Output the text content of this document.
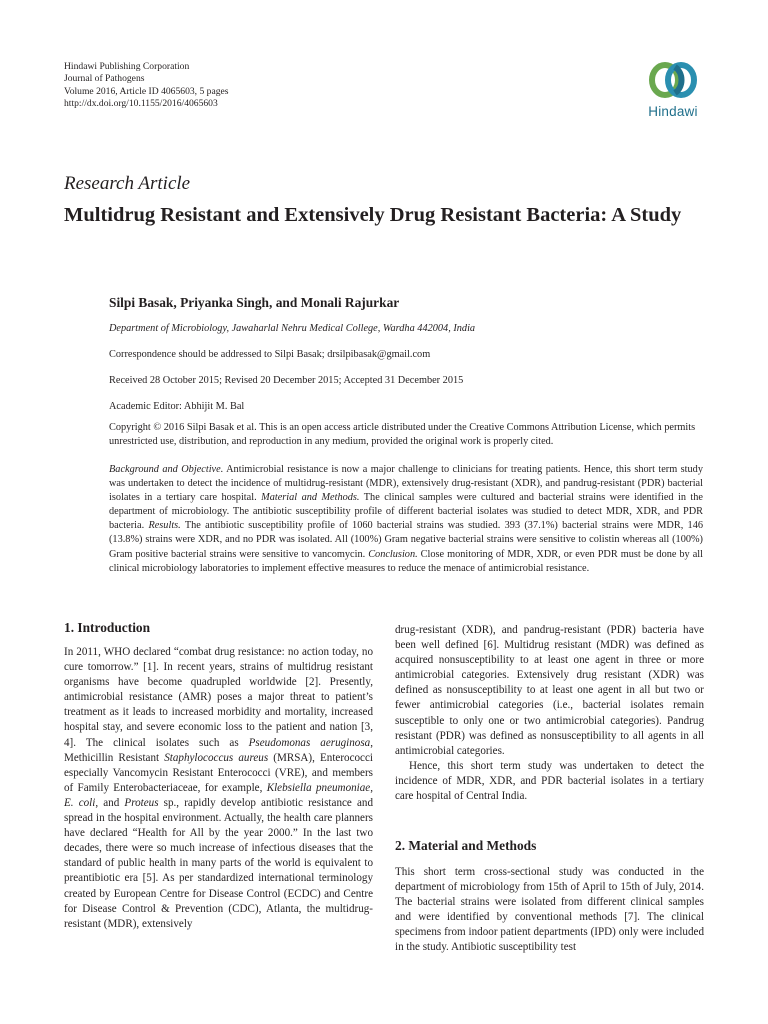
Hindawi Publishing Corporation
Journal of Pathogens
Volume 2016, Article ID 4065603, 5 pages
http://dx.doi.org/10.1155/2016/4065603
Hindawi
Research Article
Multidrug Resistant and Extensively Drug Resistant Bacteria: A Study
Silpi Basak, Priyanka Singh, and Monali Rajurkar
Department of Microbiology, Jawaharlal Nehru Medical College, Wardha 442004, India
Correspondence should be addressed to Silpi Basak; drsilpibasak@gmail.com
Received 28 October 2015; Revised 20 December 2015; Accepted 31 December 2015
Academic Editor: Abhijit M. Bal
Copyright © 2016 Silpi Basak et al. This is an open access article distributed under the Creative Commons Attribution License, which permits unrestricted use, distribution, and reproduction in any medium, provided the original work is properly cited.
Background and Objective. Antimicrobial resistance is now a major challenge to clinicians for treating patients. Hence, this short term study was undertaken to detect the incidence of multidrug-resistant (MDR), extensively drug-resistant (XDR), and pandrug-resistant (PDR) bacterial isolates in a tertiary care hospital. Material and Methods. The clinical samples were cultured and bacterial strains were identified in the department of microbiology. The antibiotic susceptibility profile of different bacterial isolates was studied to detect MDR, XDR, and PDR bacteria. Results. The antibiotic susceptibility profile of 1060 bacterial strains was studied. 393 (37.1%) bacterial strains were MDR, 146 (13.8%) strains were XDR, and no PDR was isolated. All (100%) Gram negative bacterial strains were sensitive to colistin whereas all (100%) Gram positive bacterial strains were sensitive to vancomycin. Conclusion. Close monitoring of MDR, XDR, or even PDR must be done by all clinical microbiology laboratories to implement effective measures to reduce the menace of antimicrobial resistance.
1. Introduction

In 2011, WHO declared “combat drug resistance: no action today, no cure tomorrow.” [1]. In recent years, strains of multidrug resistant organisms have become quadrupled worldwide [2]. Presently, antimicrobial resistance (AMR) poses a major threat to patient’s treatment as it leads to increased morbidity and mortality, increased hospital stay, and severe economic loss to the patient and nation [3, 4]. The clinical isolates such as Pseudomonas aeruginosa, Methicillin Resistant Staphylococcus aureus (MRSA), Enterococci especially Vancomycin Resistant Enterococci (VRE), and members of Family Enterobacteriaceae, for example, Klebsiella pneumoniae, E. coli, and Proteus sp., rapidly develop antibiotic resistance and spread in the hospital environment. Actually, the health care planners have declared “Health for All by the year 2000.” In the last two decades, there were so much increase of infectious diseases that the standard of public health in many parts of the world is equivalent to preantibiotic era [5]. As per standardized international terminology created by European Centre for Disease Control (ECDC) and Centre for Disease Control & Prevention (CDC), Atlanta, the multidrug-resistant (MDR), extensively

drug-resistant (XDR), and pandrug-resistant (PDR) bacteria have been well defined [6]. Multidrug resistant (MDR) was defined as acquired nonsusceptibility to at least one agent in three or more antimicrobial categories. Extensively drug resistant (XDR) was defined as nonsusceptibility to at least one agent in all but two or fewer antimicrobial categories (i.e., bacterial isolates remain susceptible to only one or two antimicrobial categories). Pandrug resistant (PDR) was defined as nonsusceptibility to all agents in all antimicrobial categories.

Hence, this short term study was undertaken to detect the incidence of MDR, XDR, and PDR bacterial isolates in a tertiary care hospital of Central India.

2. Material and Methods

This short term cross-sectional study was conducted in the department of microbiology from 15th of April to 15th of July, 2014. The bacterial strains were isolated from different clinical samples and were identified by conventional methods [7]. The clinical specimens from indoor patient departments (IPD) only were included in the study. Antibiotic susceptibility test
